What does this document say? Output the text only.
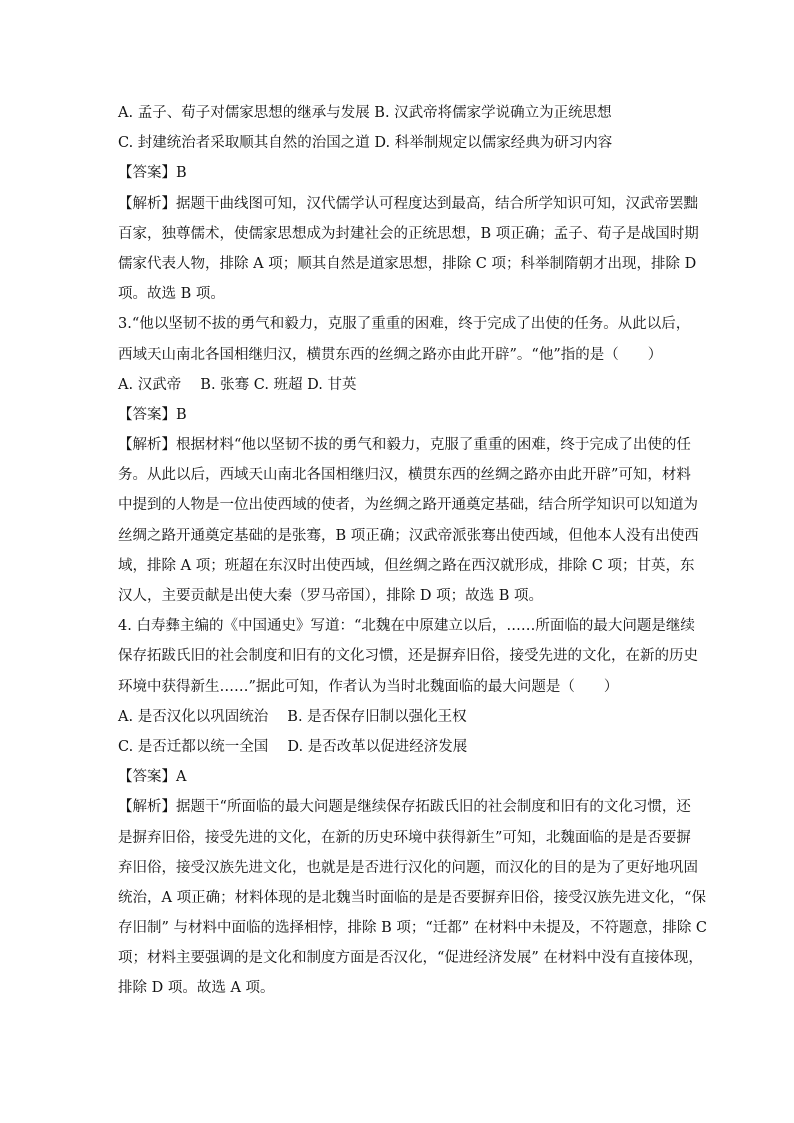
A. 孟子、荀子对儒家思想的继承与发展 B. 汉武帝将儒家学说确立为正统思想
C. 封建统治者采取顺其自然的治国之道 D. 科举制规定以儒家经典为研习内容
【答案】B
【解析】据题干曲线图可知，汉代儒学认可程度达到最高，结合所学知识可知，汉武帝罢黜
百家，独尊儒术，使儒家思想成为封建社会的正统思想，B 项正确；孟子、荀子是战国时期
儒家代表人物，排除 A 项；顺其自然是道家思想，排除 C 项；科举制隋朝才出现，排除 D
项。故选 B 项。
3.“他以坚韧不拔的勇气和毅力，克服了重重的困难，终于完成了出使的任务。从此以后，
西域天山南北各国相继归汉，横贯东西的丝绸之路亦由此开辟”。“他”指的是（　　）
A. 汉武帝　 B. 张骞 C. 班超 D. 甘英
【答案】B
【解析】根据材料“他以坚韧不拔的勇气和毅力，克服了重重的困难，终于完成了出使的任
务。从此以后，西域天山南北各国相继归汉，横贯东西的丝绸之路亦由此开辟”可知，材料
中提到的人物是一位出使西域的使者，为丝绸之路开通奠定基础，结合所学知识可以知道为
丝绸之路开通奠定基础的是张骞，B 项正确；汉武帝派张骞出使西域，但他本人没有出使西
域，排除 A 项；班超在东汉时出使西域，但丝绸之路在西汉就形成，排除 C 项；甘英，东
汉人，主要贡献是出使大秦（罗马帝国），排除 D 项；故选 B 项。
4. 白寿彝主编的《中国通史》写道：“北魏在中原建立以后，……所面临的最大问题是继续
保存拓跋氏旧的社会制度和旧有的文化习惯，还是摒弃旧俗，接受先进的文化，在新的历史
环境中获得新生……”据此可知，作者认为当时北魏面临的最大问题是（　　）
A. 是否汉化以巩固统治　 B. 是否保存旧制以强化王权
C. 是否迁都以统一全国　 D. 是否改革以促进经济发展
【答案】A
【解析】据题干“所面临的最大问题是继续保存拓跋氏旧的社会制度和旧有的文化习惯，还
是摒弃旧俗，接受先进的文化，在新的历史环境中获得新生”可知，北魏面临的是是否要摒
弃旧俗，接受汉族先进文化，也就是是否进行汉化的问题，而汉化的目的是为了更好地巩固
统治，A 项正确；材料体现的是北魏当时面临的是是否要摒弃旧俗，接受汉族先进文化，“保
存旧制” 与材料中面临的选择相悖，排除 B 项；“迁都” 在材料中未提及，不符题意，排除 C
项；材料主要强调的是文化和制度方面是否汉化，“促进经济发展” 在材料中没有直接体现，
排除 D 项。故选 A 项。
